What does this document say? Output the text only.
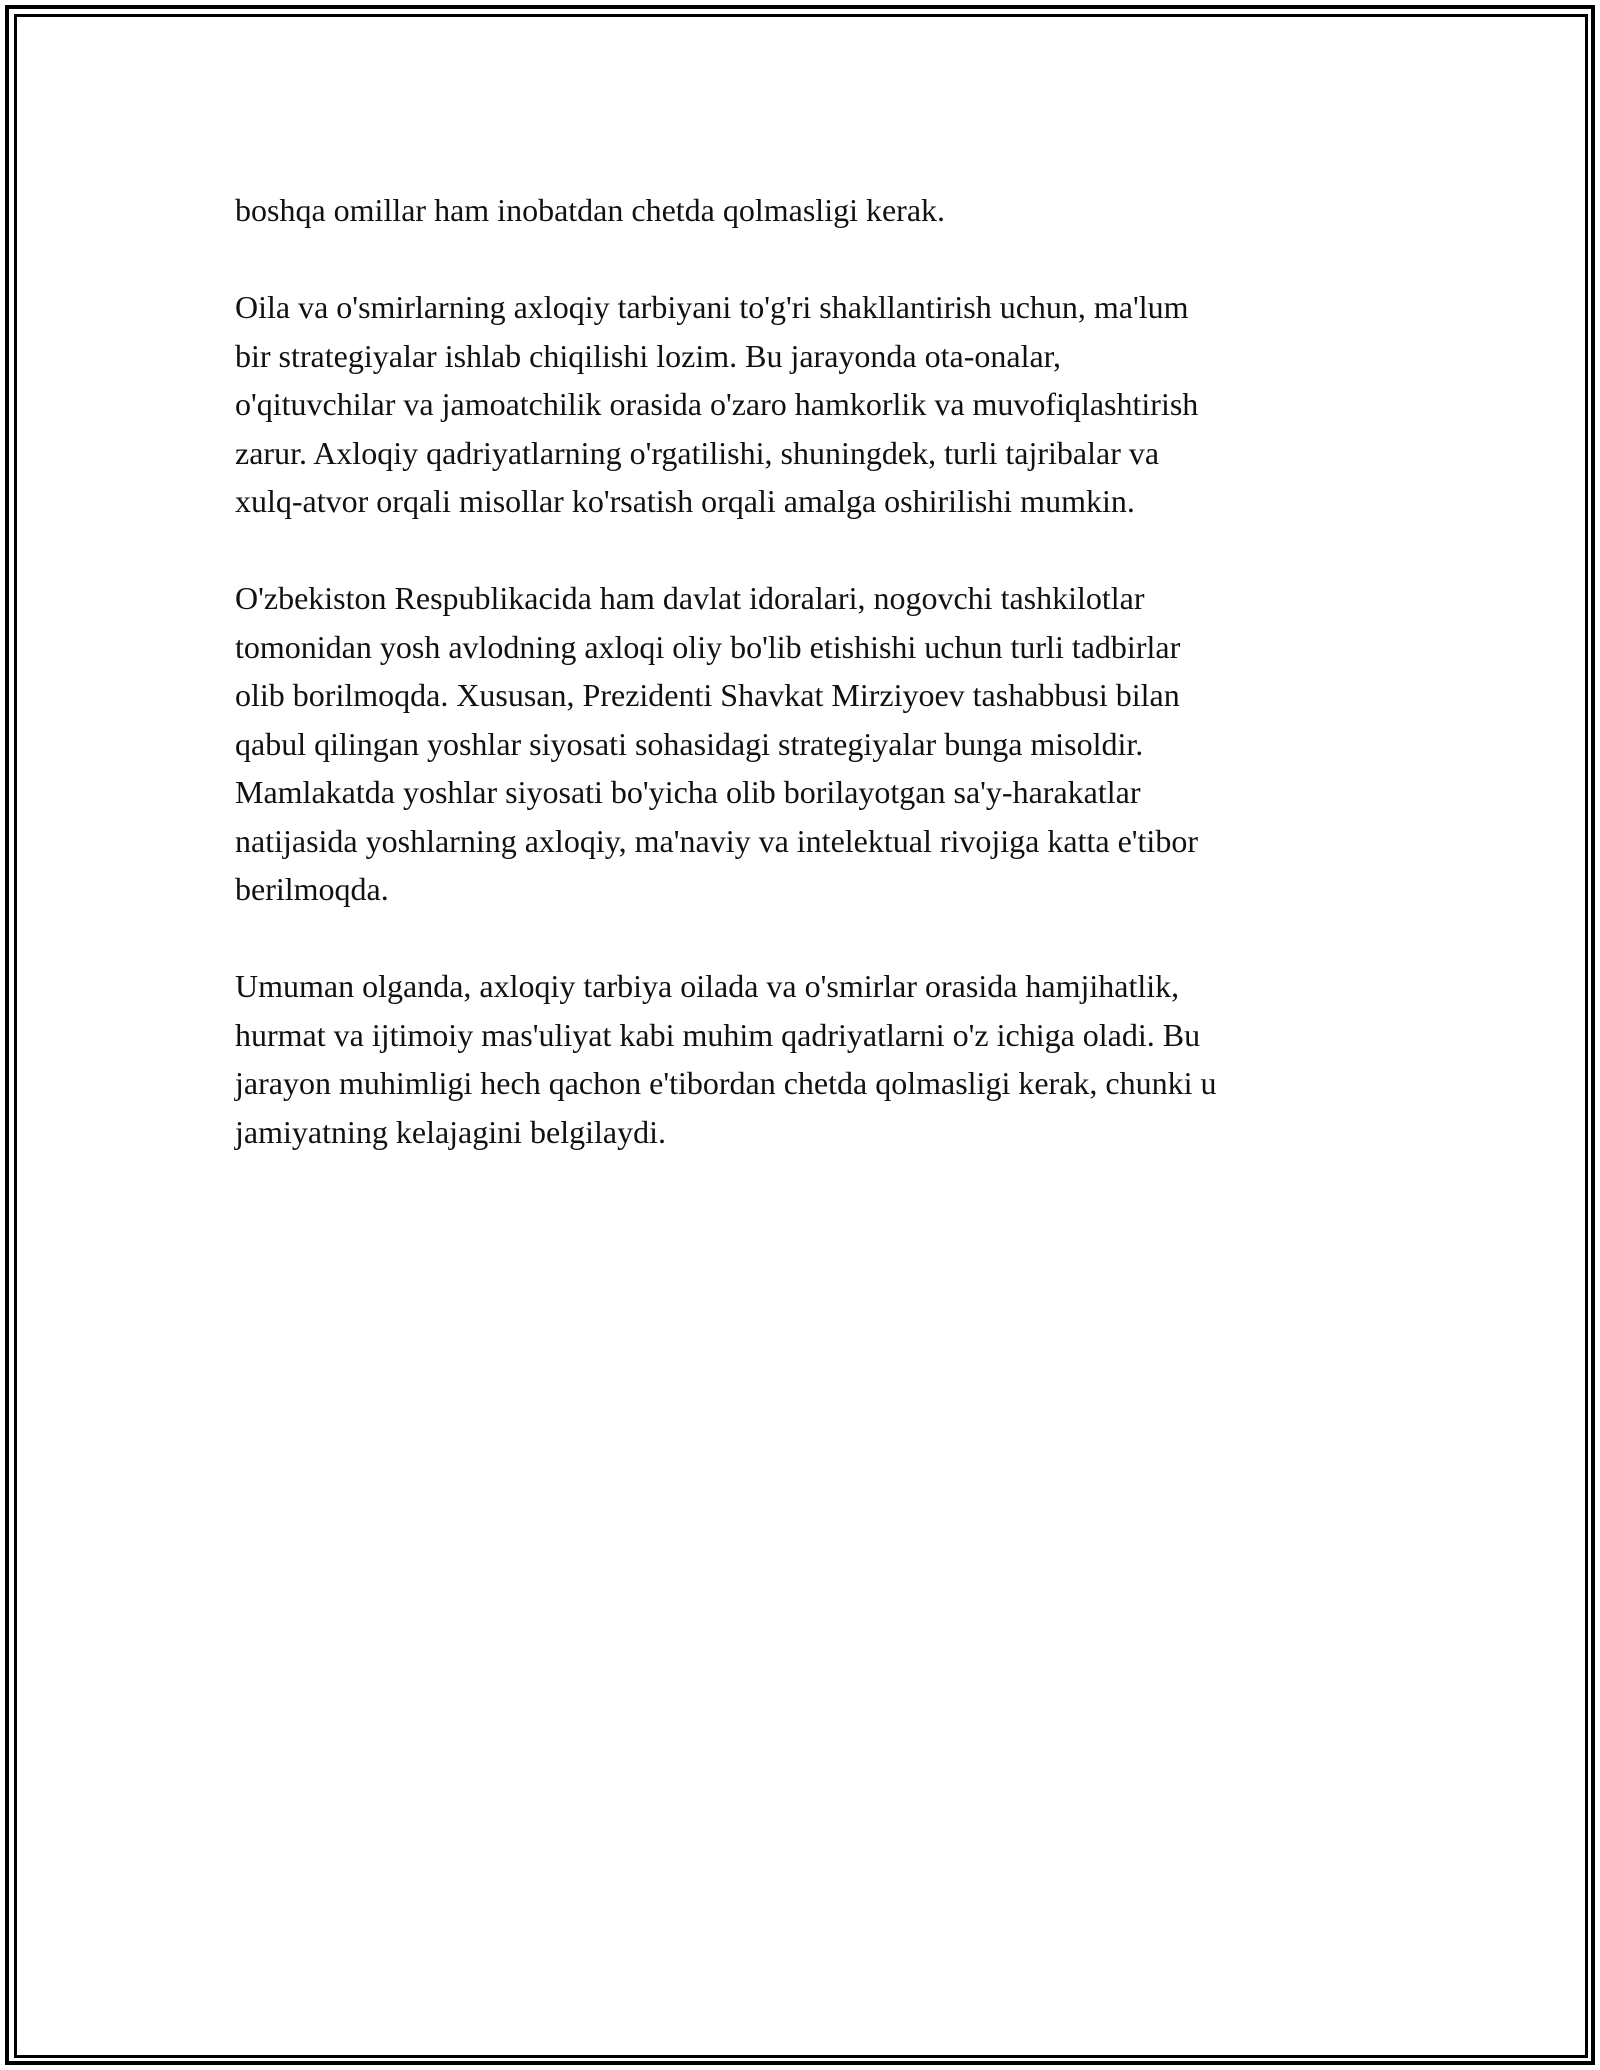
boshqa omillar ham inobatdan chetda qolmasligi kerak.

Oila va o'smirlarning axloqiy tarbiyani to'g'ri shakllantirish uchun, ma'lum
bir strategiyalar ishlab chiqilishi lozim. Bu jarayonda ota-onalar,
o'qituvchilar va jamoatchilik orasida o'zaro hamkorlik va muvofiqlashtirish
zarur. Axloqiy qadriyatlarning o'rgatilishi, shuningdek, turli tajribalar va
xulq-atvor orqali misollar ko'rsatish orqali amalga oshirilishi mumkin.

O'zbekiston Respublikacida ham davlat idoralari, nogovchi tashkilotlar
tomonidan yosh avlodning axloqi oliy bo'lib etishishi uchun turli tadbirlar
olib borilmoqda. Xususan, Prezidenti Shavkat Mirziyoev tashabbusi bilan
qabul qilingan yoshlar siyosati sohasidagi strategiyalar bunga misoldir.
Mamlakatda yoshlar siyosati bo'yicha olib borilayotgan sa'y-harakatlar
natijasida yoshlarning axloqiy, ma'naviy va intelektual rivojiga katta e'tibor
berilmoqda.

Umuman olganda, axloqiy tarbiya oilada va o'smirlar orasida hamjihatlik,
hurmat va ijtimoiy mas'uliyat kabi muhim qadriyatlarni o'z ichiga oladi. Bu
jarayon muhimligi hech qachon e'tibordan chetda qolmasligi kerak, chunki u
jamiyatning kelajagini belgilaydi.
